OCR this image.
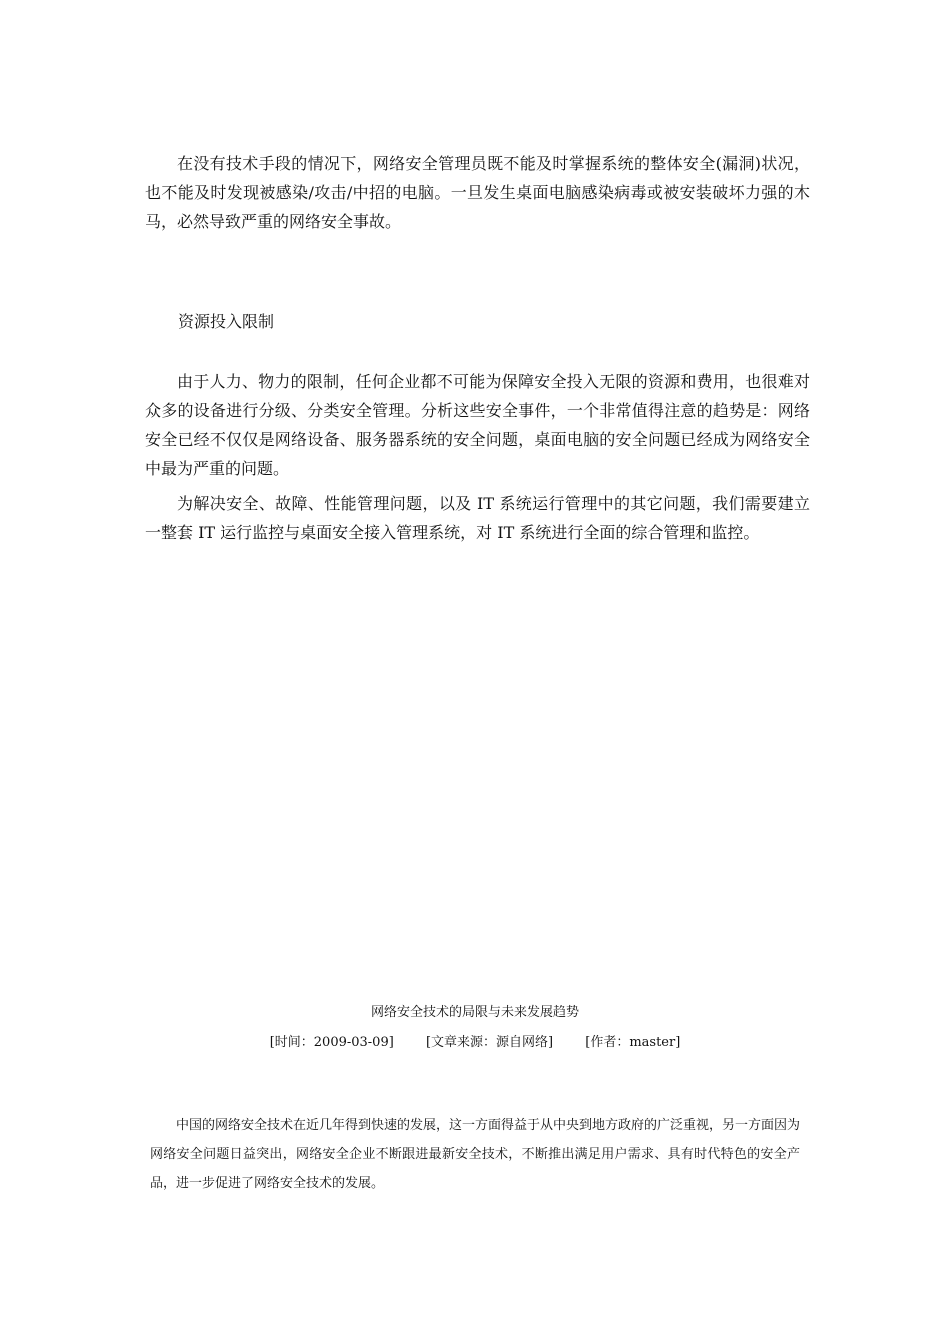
在没有技术手段的情况下，网络安全管理员既不能及时掌握系统的整体安全(漏洞)状况，也不能及时发现被感染/攻击/中招的电脑。一旦发生桌面电脑感染病毒或被安装破坏力强的木马，必然导致严重的网络安全事故。

资源投入限制

由于人力、物力的限制，任何企业都不可能为保障安全投入无限的资源和费用，也很难对众多的设备进行分级、分类安全管理。分析这些安全事件，一个非常值得注意的趋势是：网络安全已经不仅仅是网络设备、服务器系统的安全问题，桌面电脑的安全问题已经成为网络安全中最为严重的问题。

为解决安全、故障、性能管理问题，以及 IT 系统运行管理中的其它问题，我们需要建立一整套 IT 运行监控与桌面安全接入管理系统，对 IT 系统进行全面的综合管理和监控。

网络安全技术的局限与未来发展趋势

[时间：2009-03-09] [文章来源：源自网络] [作者：master]

中国的网络安全技术在近几年得到快速的发展，这一方面得益于从中央到地方政府的广泛重视，另一方面因为网络安全问题日益突出，网络安全企业不断跟进最新安全技术，不断推出满足用户需求、具有时代特色的安全产品，进一步促进了网络安全技术的发展。
